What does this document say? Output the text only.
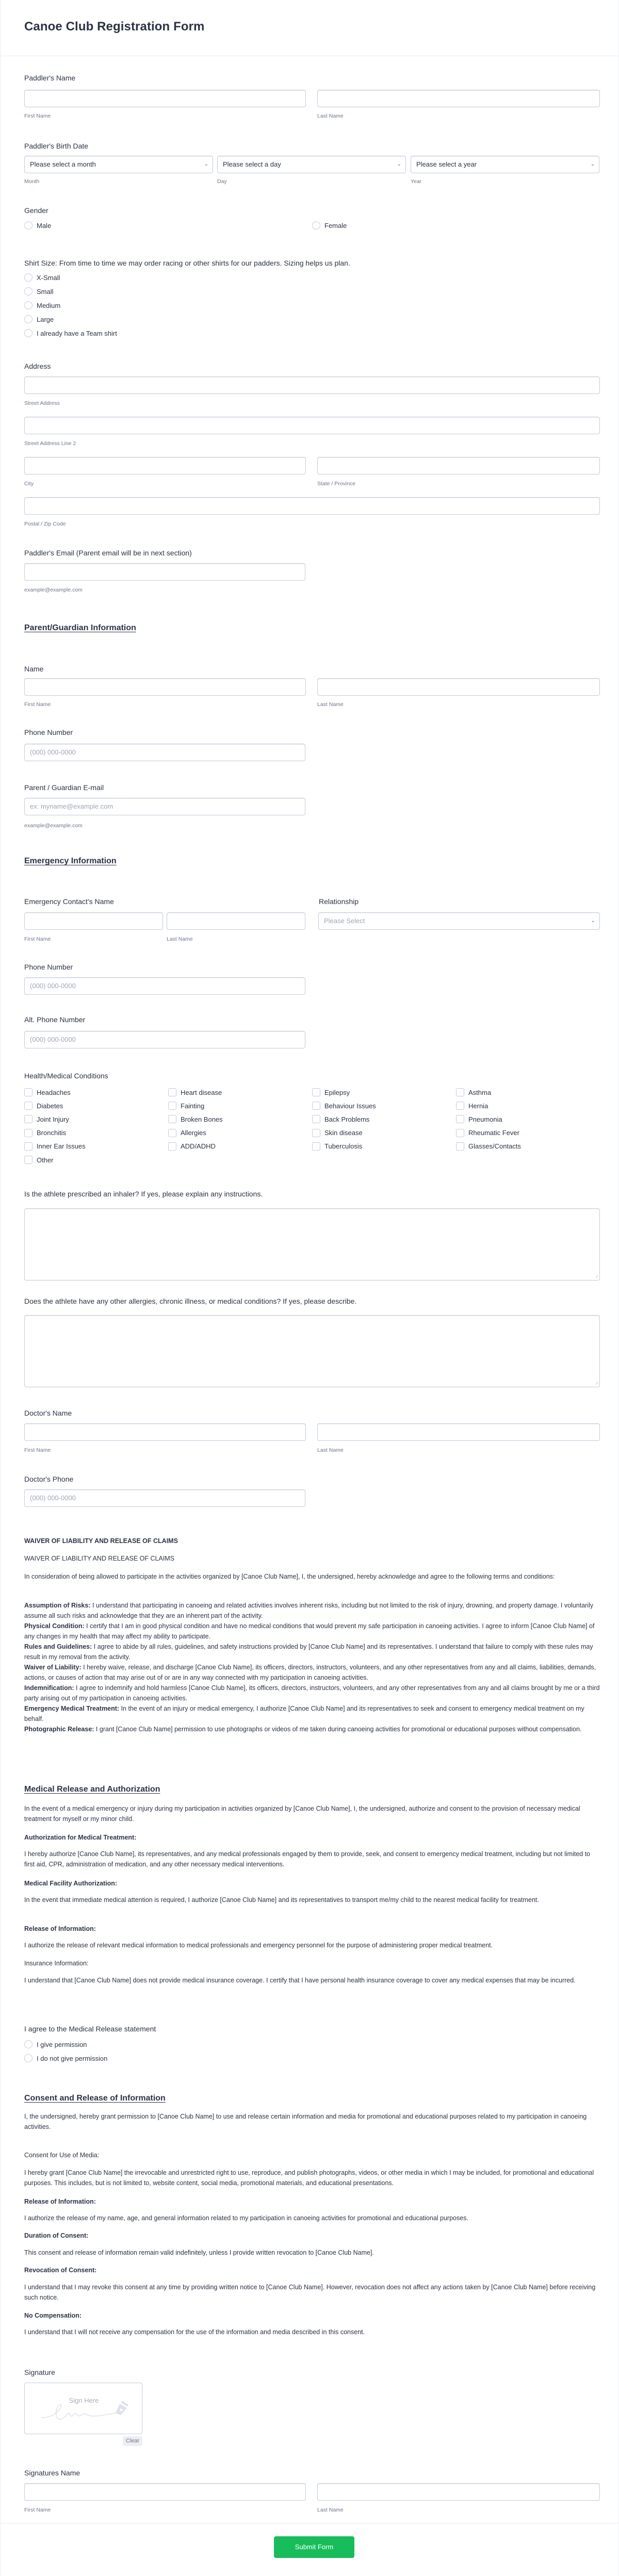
Canoe Club Registration Form
Paddler's Name
First Name	Last Name
Paddler's Birth Date
Please select a month	⌄	Please select a day	⌄	Please select a year	⌄
Month	Day	Year
Gender
Male	Female
Shirt Size: From time to time we may order racing or other shirts for our padders. Sizing helps us plan.
X-Small
Small
Medium
Large
I already have a Team shirt
Address
Street Address
Street Address Line 2
City	State / Province
Postal / Zip Code
Paddler's Email (Parent email will be in next section)
example@example.com
Parent/Guardian Information
Name
First Name	Last Name
Phone Number
(000) 000-0000
Parent / Guardian E-mail
ex: myname@example.com
example@example.com
Emergency Information
Emergency Contact's Name	Relationship
Please Select	⌄
First Name	Last Name
Phone Number
(000) 000-0000
Alt. Phone Number
(000) 000-0000
Health/Medical Conditions
Headaches	Heart disease	Epilepsy	Asthma
Diabetes	Fainting	Behaviour Issues	Hernia
Joint Injury	Broken Bones	Back Problems	Pneumonia
Bronchitis	Allergies	Skin disease	Rheumatic Fever
Inner Ear Issues	ADD/ADHD	Tuberculosis	Glasses/Contacts
Other
Is the athlete prescribed an inhaler? If yes, please explain any instructions.
∕∕
Does the athlete have any other allergies, chronic illness, or medical conditions? If yes, please describe.
∕∕
Doctor's Name
First Name	Last Name
Doctor's Phone
(000) 000-0000
WAIVER OF LIABILITY AND RELEASE OF CLAIMS
WAIVER OF LIABILITY AND RELEASE OF CLAIMS
In consideration of being allowed to participate in the activities organized by [Canoe Club Name], I, the undersigned, hereby acknowledge and agree to the following terms and conditions:
Assumption of Risks: I understand that participating in canoeing and related activities involves inherent risks, including but not limited to the risk of injury, drowning, and property damage. I voluntarily assume all such risks and acknowledge that they are an inherent part of the activity.
Physical Condition: I certify that I am in good physical condition and have no medical conditions that would prevent my safe participation in canoeing activities. I agree to inform [Canoe Club Name] of any changes in my health that may affect my ability to participate.
Rules and Guidelines: I agree to abide by all rules, guidelines, and safety instructions provided by [Canoe Club Name] and its representatives. I understand that failure to comply with these rules may result in my removal from the activity.
Waiver of Liability: I hereby waive, release, and discharge [Canoe Club Name], its officers, directors, instructors, volunteers, and any other representatives from any and all claims, liabilities, demands, actions, or causes of action that may arise out of or are in any way connected with my participation in canoeing activities.
Indemnification: I agree to indemnify and hold harmless [Canoe Club Name], its officers, directors, instructors, volunteers, and any other representatives from any and all claims brought by me or a third party arising out of my participation in canoeing activities.
Emergency Medical Treatment: In the event of an injury or medical emergency, I authorize [Canoe Club Name] and its representatives to seek and consent to emergency medical treatment on my behalf.
Photographic Release: I grant [Canoe Club Name] permission to use photographs or videos of me taken during canoeing activities for promotional or educational purposes without compensation.
Medical Release and Authorization
In the event of a medical emergency or injury during my participation in activities organized by [Canoe Club Name], I, the undersigned, authorize and consent to the provision of necessary medical treatment for myself or my minor child.
Authorization for Medical Treatment:
I hereby authorize [Canoe Club Name], its representatives, and any medical professionals engaged by them to provide, seek, and consent to emergency medical treatment, including but not limited to first aid, CPR, administration of medication, and any other necessary medical interventions.
Medical Facility Authorization:
In the event that immediate medical attention is required, I authorize [Canoe Club Name] and its representatives to transport me/my child to the nearest medical facility for treatment.
Release of Information:
I authorize the release of relevant medical information to medical professionals and emergency personnel for the purpose of administering proper medical treatment.
Insurance Information:
I understand that [Canoe Club Name] does not provide medical insurance coverage. I certify that I have personal health insurance coverage to cover any medical expenses that may be incurred.
I agree to the Medical Release statement
I give permission
I do not give permission
Consent and Release of Information
I, the undersigned, hereby grant permission to [Canoe Club Name] to use and release certain information and media for promotional and educational purposes related to my participation in canoeing activities.
Consent for Use of Media:
I hereby grant [Canoe Club Name] the irrevocable and unrestricted right to use, reproduce, and publish photographs, videos, or other media in which I may be included, for promotional and educational purposes. This includes, but is not limited to, website content, social media, promotional materials, and educational presentations.
Release of Information:
I authorize the release of my name, age, and general information related to my participation in canoeing activities for promotional and educational purposes.
Duration of Consent:
This consent and release of information remain valid indefinitely, unless I provide written revocation to [Canoe Club Name].
Revocation of Consent:
I understand that I may revoke this consent at any time by providing written notice to [Canoe Club Name]. However, revocation does not affect any actions taken by [Canoe Club Name] before receiving such notice.
No Compensation:
I understand that I will not receive any compensation for the use of the information and media described in this consent.
Signature
Sign Here
Clear
Signatures Name
First Name	Last Name
Submit Form
